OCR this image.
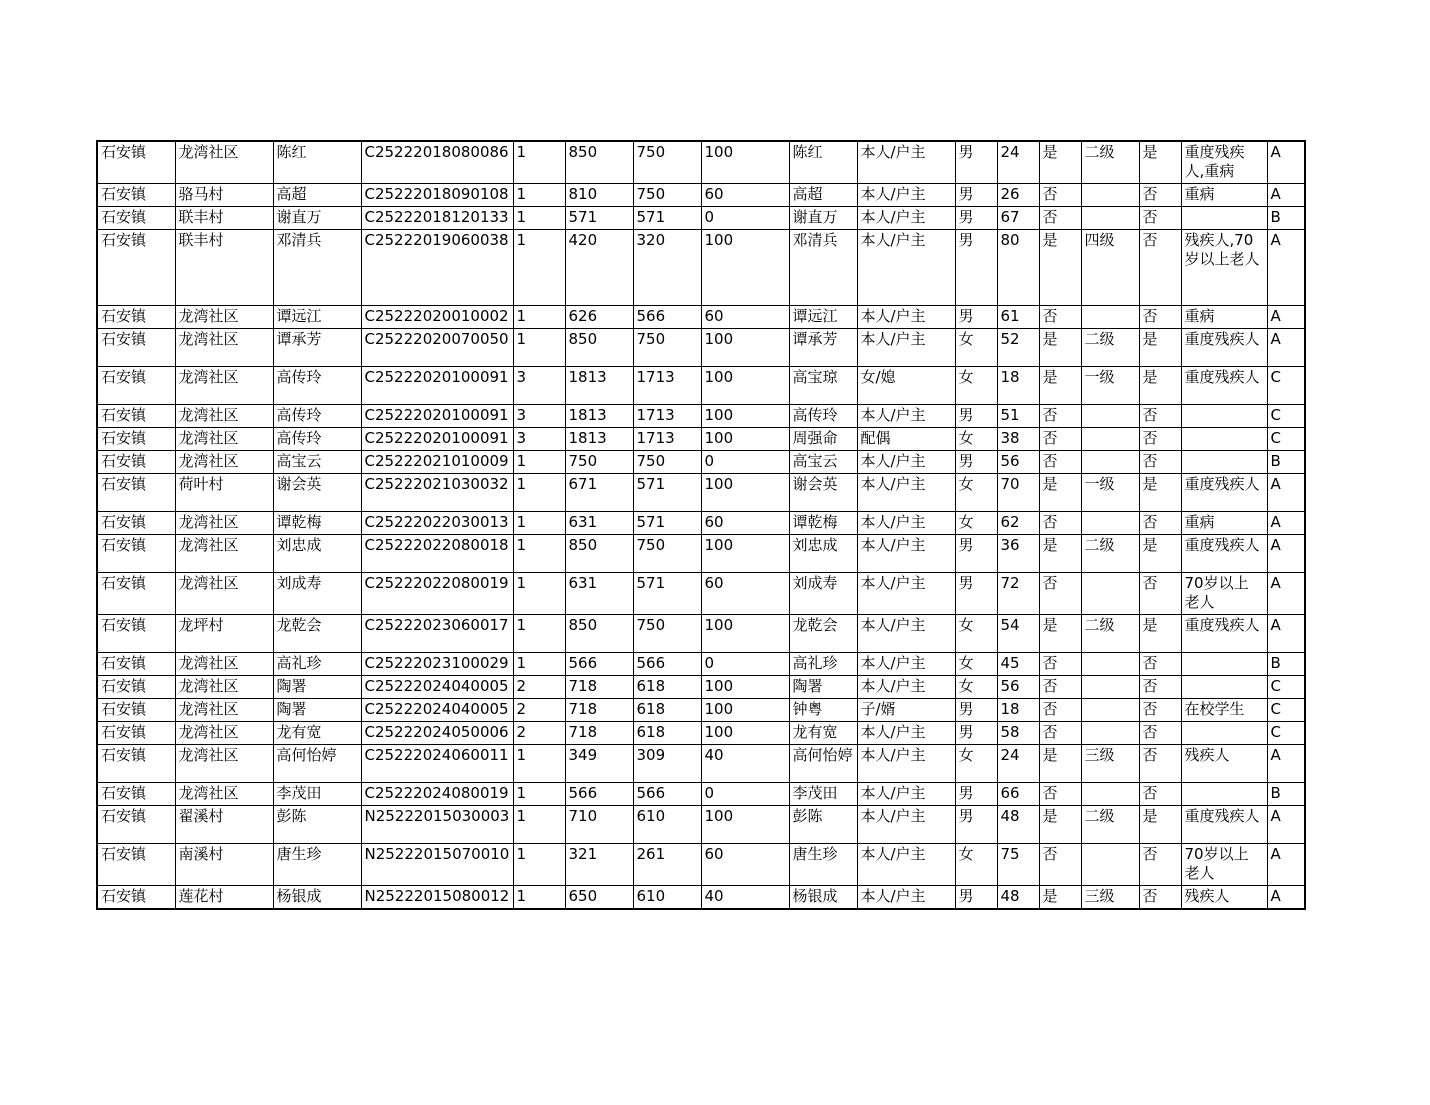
石安镇	龙湾社区	陈红	C25222018080086	1	850	750	100	陈红	本人/户主	男	24	是	二级	是	重度残疾人,重病	A
石安镇	骆马村	高超	C25222018090108	1	810	750	60	高超	本人/户主	男	26	否		否	重病	A
石安镇	联丰村	谢直万	C25222018120133	1	571	571	0	谢直万	本人/户主	男	67	否		否		B
石安镇	联丰村	邓清兵	C25222019060038	1	420	320	100	邓清兵	本人/户主	男	80	是	四级	否	残疾人,70岁以上老人	A
石安镇	龙湾社区	谭远江	C25222020010002	1	626	566	60	谭远江	本人/户主	男	61	否		否	重病	A
石安镇	龙湾社区	谭承芳	C25222020070050	1	850	750	100	谭承芳	本人/户主	女	52	是	二级	是	重度残疾人	A
石安镇	龙湾社区	高传玲	C25222020100091	3	1813	1713	100	高宝琼	女/媳	女	18	是	一级	是	重度残疾人	C
石安镇	龙湾社区	高传玲	C25222020100091	3	1813	1713	100	高传玲	本人/户主	男	51	否		否		C
石安镇	龙湾社区	高传玲	C25222020100091	3	1813	1713	100	周强命	配偶	女	38	否		否		C
石安镇	龙湾社区	高宝云	C25222021010009	1	750	750	0	高宝云	本人/户主	男	56	否		否		B
石安镇	荷叶村	谢会英	C25222021030032	1	671	571	100	谢会英	本人/户主	女	70	是	一级	是	重度残疾人	A
石安镇	龙湾社区	谭乾梅	C25222022030013	1	631	571	60	谭乾梅	本人/户主	女	62	否		否	重病	A
石安镇	龙湾社区	刘忠成	C25222022080018	1	850	750	100	刘忠成	本人/户主	男	36	是	二级	是	重度残疾人	A
石安镇	龙湾社区	刘成寿	C25222022080019	1	631	571	60	刘成寿	本人/户主	男	72	否		否	70岁以上老人	A
石安镇	龙坪村	龙乾会	C25222023060017	1	850	750	100	龙乾会	本人/户主	女	54	是	二级	是	重度残疾人	A
石安镇	龙湾社区	高礼珍	C25222023100029	1	566	566	0	高礼珍	本人/户主	女	45	否		否		B
石安镇	龙湾社区	陶署	C25222024040005	2	718	618	100	陶署	本人/户主	女	56	否		否		C
石安镇	龙湾社区	陶署	C25222024040005	2	718	618	100	钟粤	子/婿	男	18	否		否	在校学生	C
石安镇	龙湾社区	龙有宽	C25222024050006	2	718	618	100	龙有宽	本人/户主	男	58	否		否		C
石安镇	龙湾社区	高何怡婷	C25222024060011	1	349	309	40	高何怡婷	本人/户主	女	24	是	三级	否	残疾人	A
石安镇	龙湾社区	李茂田	C25222024080019	1	566	566	0	李茂田	本人/户主	男	66	否		否		B
石安镇	翟溪村	彭陈	N25222015030003	1	710	610	100	彭陈	本人/户主	男	48	是	二级	是	重度残疾人	A
石安镇	南溪村	唐生珍	N25222015070010	1	321	261	60	唐生珍	本人/户主	女	75	否		否	70岁以上老人	A
石安镇	莲花村	杨银成	N25222015080012	1	650	610	40	杨银成	本人/户主	男	48	是	三级	否	残疾人	A
